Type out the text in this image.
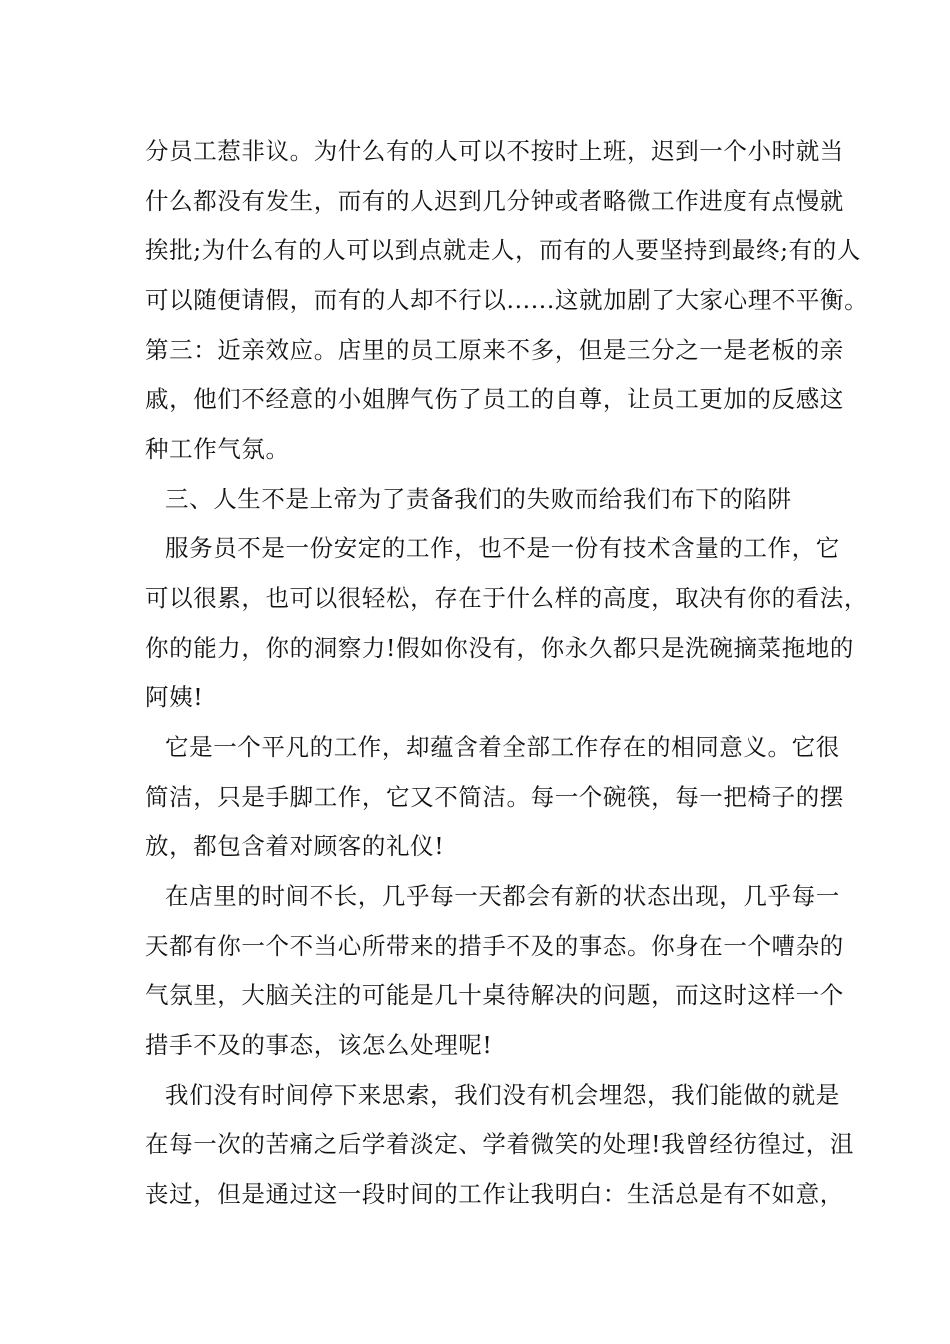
分员工惹非议。为什么有的人可以不按时上班，迟到一个小时就当
什么都没有发生，而有的人迟到几分钟或者略微工作进度有点慢就
挨批;为什么有的人可以到点就走人，而有的人要坚持到最终;有的人
可以随便请假，而有的人却不行以......这就加剧了大家心理不平衡。
第三：近亲效应。店里的员工原来不多，但是三分之一是老板的亲
戚，他们不经意的小姐脾气伤了员工的自尊，让员工更加的反感这
种工作气氛。
三、人生不是上帝为了责备我们的失败而给我们布下的陷阱
服务员不是一份安定的工作，也不是一份有技术含量的工作，它
可以很累，也可以很轻松，存在于什么样的高度，取决有你的看法，
你的能力，你的洞察力!假如你没有，你永久都只是洗碗摘菜拖地的
阿姨!
它是一个平凡的工作，却蕴含着全部工作存在的相同意义。它很
简洁，只是手脚工作，它又不简洁。每一个碗筷，每一把椅子的摆
放，都包含着对顾客的礼仪!
在店里的时间不长，几乎每一天都会有新的状态出现，几乎每一
天都有你一个不当心所带来的措手不及的事态。你身在一个嘈杂的
气氛里，大脑关注的可能是几十桌待解决的问题，而这时这样一个
措手不及的事态，该怎么处理呢!
我们没有时间停下来思索，我们没有机会埋怨，我们能做的就是
在每一次的苦痛之后学着淡定、学着微笑的处理!我曾经彷徨过，沮
丧过，但是通过这一段时间的工作让我明白：生活总是有不如意，
